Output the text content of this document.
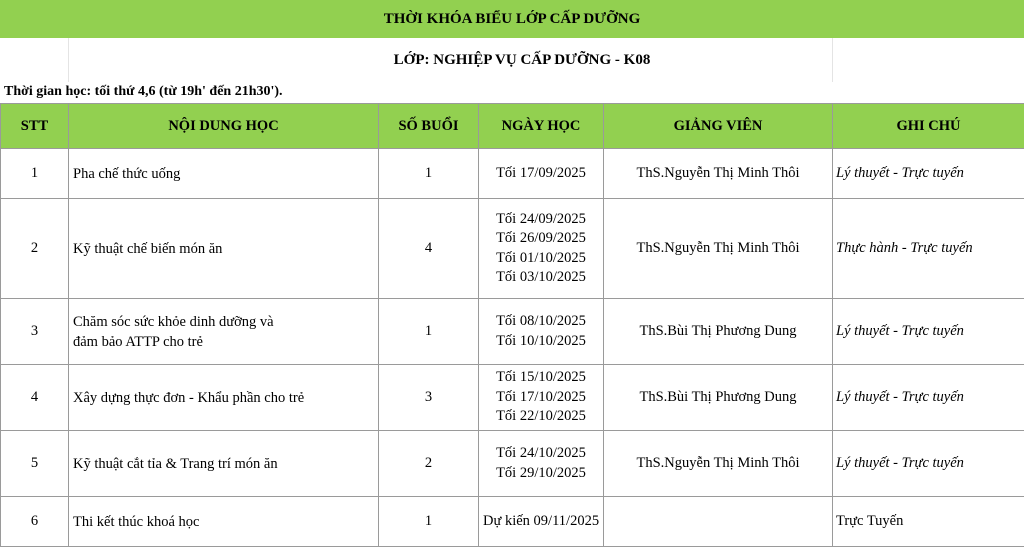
THỜI KHÓA BIỂU LỚP CẤP DƯỠNG
LỚP: NGHIỆP VỤ CẤP DƯỠNG - K08
Thời gian học: tối thứ 4,6 (từ 19h' đến 21h30').
STT	NỘI DUNG HỌC	SỐ BUỔI	NGÀY HỌC	GIẢNG VIÊN	GHI CHÚ
1	Pha chế thức uống	1	Tối 17/09/2025	ThS.Nguyễn Thị Minh Thôi	Lý thuyết - Trực tuyến
2	Kỹ thuật chế biến món ăn	4	Tối 24/09/2025
Tối 26/09/2025
Tối 01/10/2025
Tối 03/10/2025	ThS.Nguyễn Thị Minh Thôi	Thực hành - Trực tuyến
3	Chăm sóc sức khỏe dinh dưỡng và
đảm bảo ATTP cho trẻ	1	Tối 08/10/2025
Tối 10/10/2025	ThS.Bùi Thị Phương Dung	Lý thuyết - Trực tuyến
4	Xây dựng thực đơn - Khẩu phần cho trẻ	3	Tối 15/10/2025
Tối 17/10/2025
Tối 22/10/2025	ThS.Bùi Thị Phương Dung	Lý thuyết - Trực tuyến
5	Kỹ thuật cắt tỉa & Trang trí món ăn	2	Tối 24/10/2025
Tối 29/10/2025	ThS.Nguyễn Thị Minh Thôi	Lý thuyết - Trực tuyến
6	Thi kết thúc khoá học	1	Dự kiến 09/11/2025		Trực Tuyến
